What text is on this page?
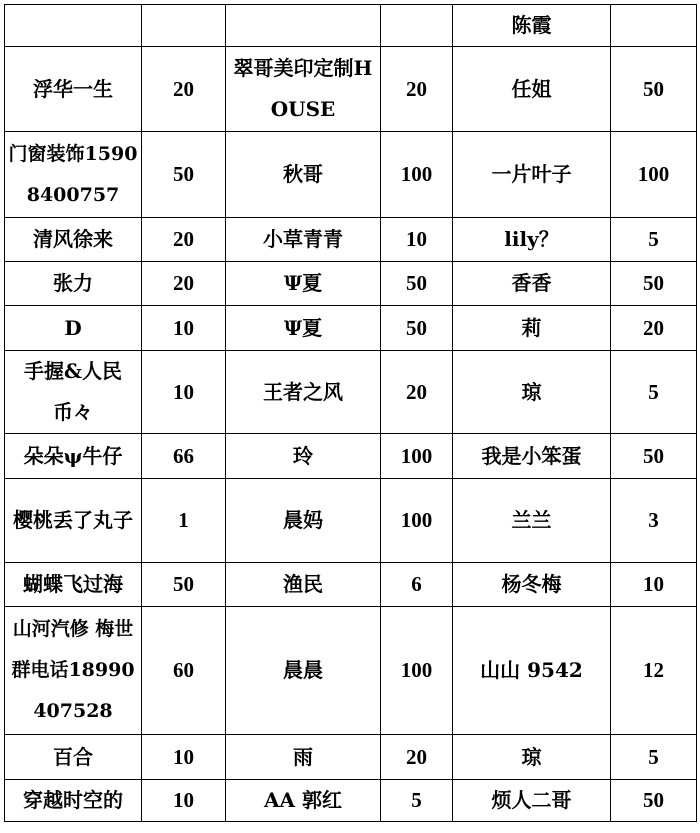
				陈霞	
浮华一生	20	翠哥美印定制HOUSE	20	任姐	50
门窗装饰15908400757	50	秋哥	100	一片叶子	100
清风徐来	20	小草青青	10	lily？	5
张力	20	Ψ夏	50	香香	50
D	10	Ψ夏	50	莉	20
手握&人民币々	10	王者之风	20	琼	5
朵朵ψ牛仔	66	玲	100	我是小笨蛋	50
樱桃丢了丸子	1	晨妈	100	兰兰	3
蝴蝶飞过海	50	渔民	6	杨冬梅	10
山河汽修 梅世群电话18990407528	60	晨晨	100	山山 9542	12
百合	10	雨	20	琼	5
穿越时空的	10	AA 郭红	5	烦人二哥	50
